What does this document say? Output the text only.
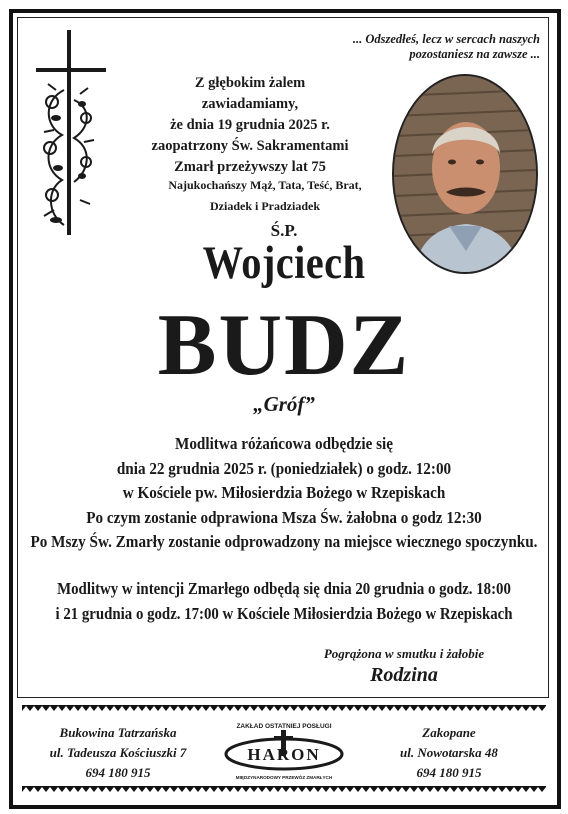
... Odszedłeś, lecz w sercach naszych
pozostaniesz na zawsze ...
Z głębokim żalem zawiadamiamy,
że dnia 19 grudnia 2025 r.
zaopatrzony Św. Sakramentami
Zmarł przeżywszy lat 75
Najukochańszy Mąż, Tata, Teść, Brat,
Dziadek i Pradziadek
Ś.P.
Wojciech
BUDZ
„Gróf”
Modlitwa różańcowa odbędzie się
dnia 22 grudnia 2025 r. (poniedziałek) o godz. 12:00
w Kościele pw. Miłosierdzia Bożego w Rzepiskach
Po czym zostanie odprawiona Msza Św. żałobna o godz 12:30
Po Mszy Św. Zmarły zostanie odprowadzony na miejsce wiecznego spoczynku.
Modlitwy w intencji Zmarłego odbędą się dnia 20 grudnia o godz. 18:00
i 21 grudnia o godz. 17:00 w Kościele Miłosierdzia Bożego w Rzepiskach
Pogrążona w smutku i żałobie
Rodzina
Bukowina Tatrzańska
ul. Tadeusza Kościuszki 7
694 180 915
ZAKŁAD OSTATNIEJ POSŁUGI
HARON
MIĘDZYNARODOWY PRZEWÓZ ZMARŁYCH
Zakopane
ul. Nowotarska 48
694 180 915
